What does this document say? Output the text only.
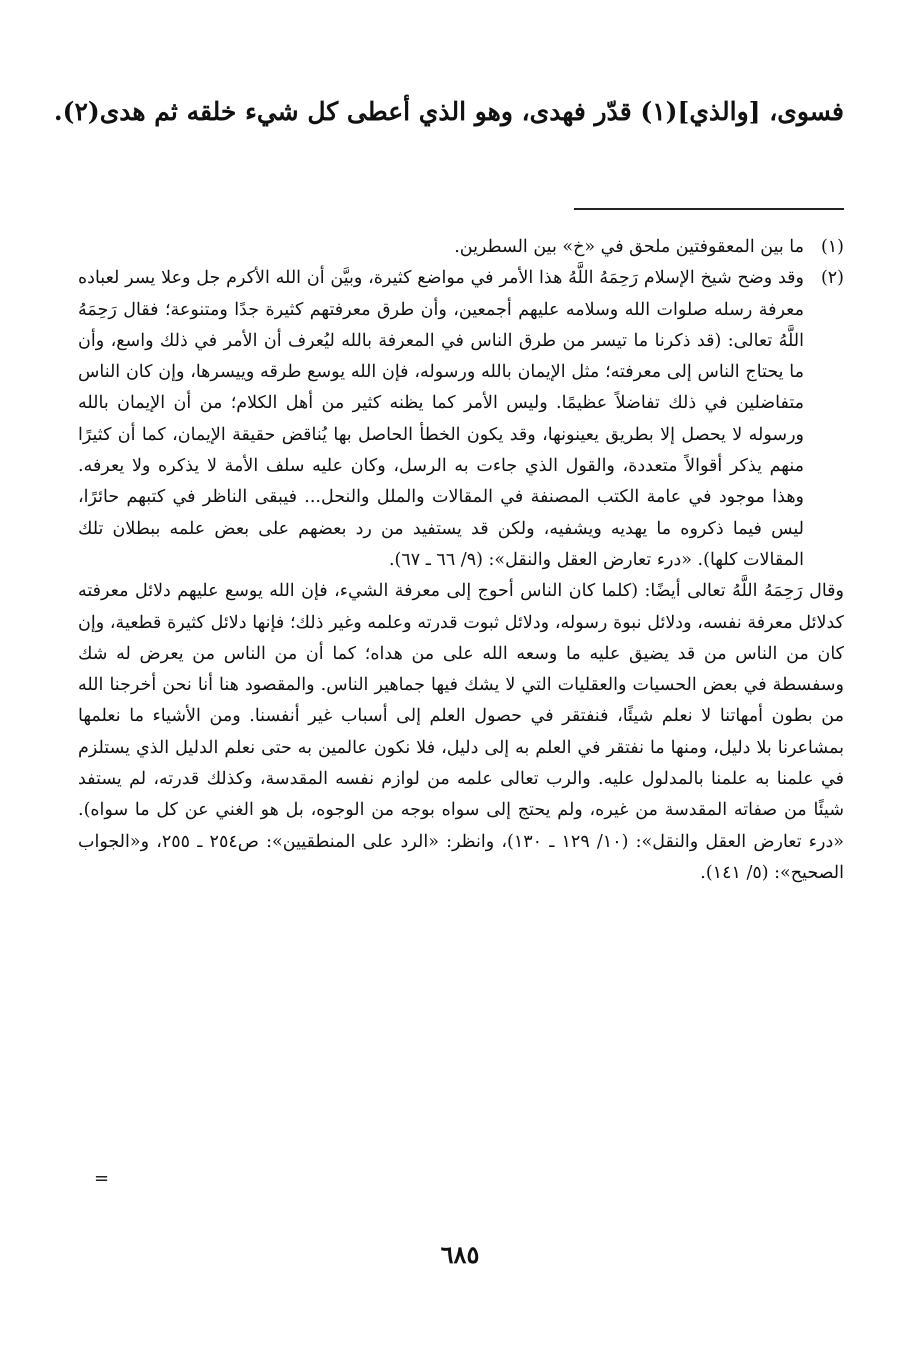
فسوى، [والذي](١) قدّر فهدى، وهو الذي أعطى كل شيء خلقه ثم هدى(٢).
(١)
ما بين المعقوفتين ملحق في «خ» بين السطرين.
(٢)
وقد وضح شيخ الإسلام رَحِمَهُ اللَّهُ هذا الأمر في مواضع كثيرة، وبيَّن أن الله الأكرم جل وعلا يسر لعباده معرفة رسله صلوات الله وسلامه عليهم أجمعين، وأن طرق معرفتهم كثيرة جدًا ومتنوعة؛ فقال رَحِمَهُ اللَّهُ تعالى: (قد ذكرنا ما تيسر من طرق الناس في المعرفة بالله ليُعرف أن الأمر في ذلك واسع، وأن ما يحتاج الناس إلى معرفته؛ مثل الإيمان بالله ورسوله، فإن الله يوسع طرقه وييسرها، وإن كان الناس متفاضلين في ذلك تفاضلاً عظيمًا. وليس الأمر كما يظنه كثير من أهل الكلام؛ من أن الإيمان بالله ورسوله لا يحصل إلا بطريق يعينونها، وقد يكون الخطأ الحاصل بها يُناقض حقيقة الإيمان، كما أن كثيرًا منهم يذكر أقوالاً متعددة، والقول الذي جاءت به الرسل، وكان عليه سلف الأمة لا يذكره ولا يعرفه. وهذا موجود في عامة الكتب المصنفة في المقالات والملل والنحل... فيبقى الناظر في كتبهم حائرًا، ليس فيما ذكروه ما يهديه ويشفيه، ولكن قد يستفيد من رد بعضهم على بعض علمه ببطلان تلك المقالات كلها). «درء تعارض العقل والنقل»: (٩/ ٦٦ ـ ٦٧).

وقال رَحِمَهُ اللَّهُ تعالى أيضًا: (كلما كان الناس أحوج إلى معرفة الشيء، فإن الله يوسع عليهم دلائل معرفته كدلائل معرفة نفسه، ودلائل نبوة رسوله، ودلائل ثبوت قدرته وعلمه وغير ذلك؛ فإنها دلائل كثيرة قطعية، وإن كان من الناس من قد يضيق عليه ما وسعه الله على من هداه؛ كما أن من الناس من يعرض له شك وسفسطة في بعض الحسيات والعقليات التي لا يشك فيها جماهير الناس. والمقصود هنا أنا نحن أخرجنا الله من بطون أمهاتنا لا نعلم شيئًا، فنفتقر في حصول العلم إلى أسباب غير أنفسنا. ومن الأشياء ما نعلمها بمشاعرنا بلا دليل، ومنها ما نفتقر في العلم به إلى دليل، فلا نكون عالمين به حتى نعلم الدليل الذي يستلزم في علمنا به علمنا بالمدلول عليه. والرب تعالى علمه من لوازم نفسه المقدسة، وكذلك قدرته، لم يستفد شيئًا من صفاته المقدسة من غيره، ولم يحتج إلى سواه بوجه من الوجوه، بل هو الغني عن كل ما سواه). «درء تعارض العقل والنقل»: (١٠/ ١٢٩ ـ ١٣٠)، وانظر: «الرد على المنطقيين»: ص٢٥٤ ـ ٢٥٥، و«الجواب الصحيح»: (٥/ ١٤١).

=
٦٨٥
